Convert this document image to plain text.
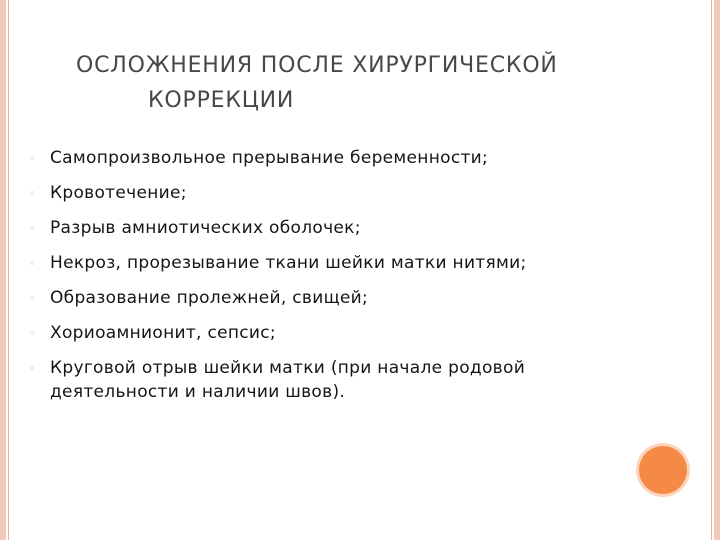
ОСЛОЖНЕНИЯ ПОСЛЕ ХИРУРГИЧЕСКОЙ
КОРРЕКЦИИ
◦ Самопроизвольное прерывание беременности;
◦ Кровотечение;
◦ Разрыв амниотических оболочек;
◦ Некроз, прорезывание ткани шейки матки нитями;
◦ Образование пролежней, свищей;
◦ Хориоамнионит, сепсис;
◦ Круговой отрыв шейки матки (при начале родовой деятельности и наличии швов).
